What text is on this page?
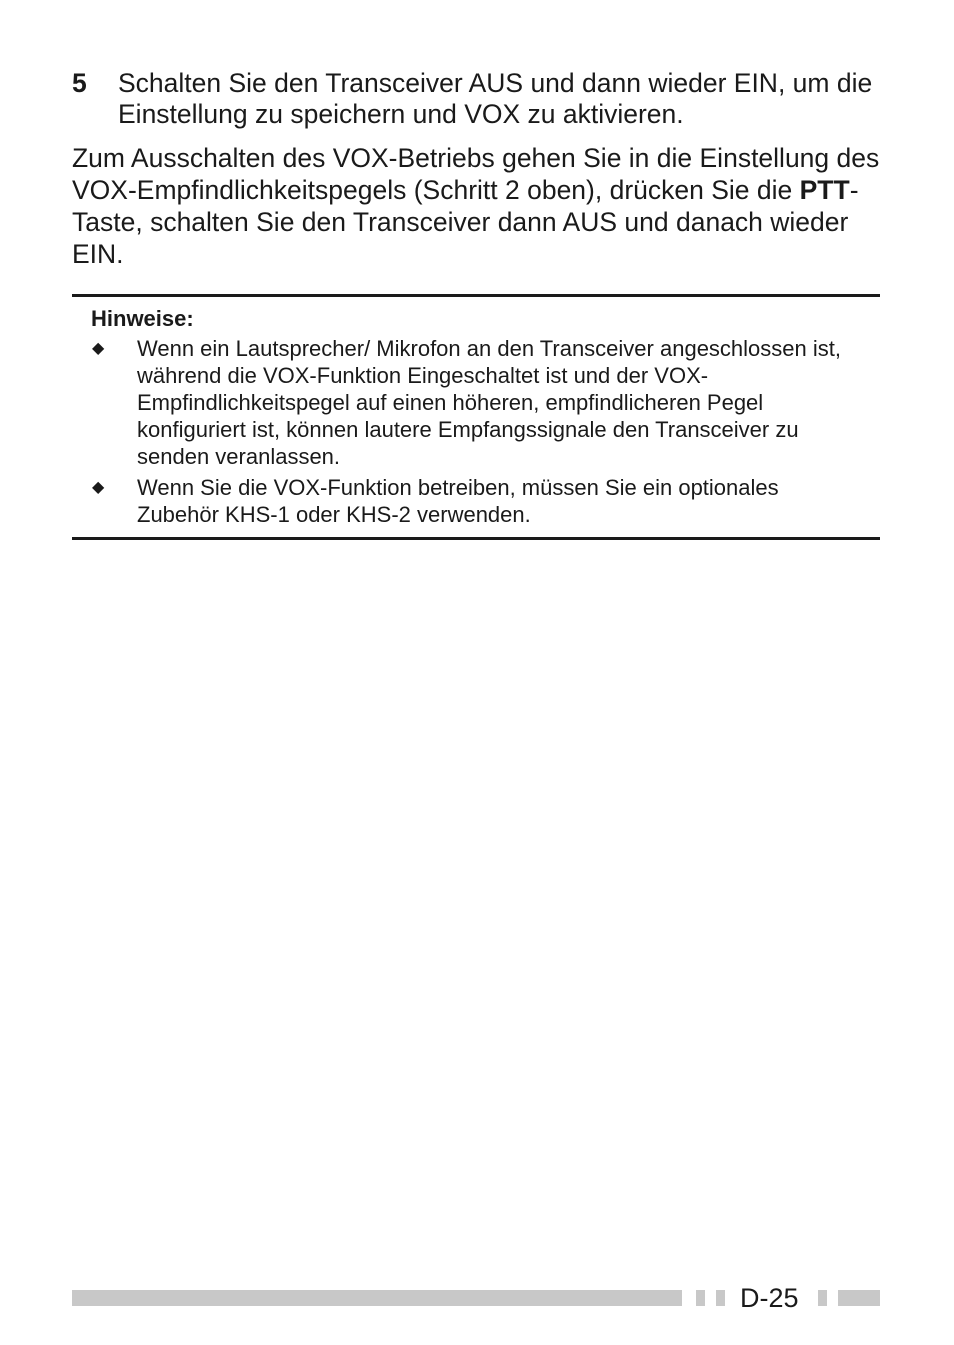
5	Schalten Sie den Transceiver AUS und dann wieder EIN, um die Einstellung zu speichern und VOX zu aktivieren.

Zum Ausschalten des VOX-Betriebs gehen Sie in die Einstellung des VOX-Empfindlichkeitspegels (Schritt 2 oben), drücken Sie die PTT-Taste, schalten Sie den Transceiver dann AUS und danach wieder EIN.

Hinweise:
◆	Wenn ein Lautsprecher/ Mikrofon an den Transceiver angeschlossen ist, während die VOX-Funktion Eingeschaltet ist und der VOX-Empfindlichkeitspegel auf einen höheren, empfindlicheren Pegel konfiguriert ist, können lautere Empfangssignale den Transceiver zu senden veranlassen.
◆	Wenn Sie die VOX-Funktion betreiben, müssen Sie ein optionales Zubehör KHS-1 oder KHS-2 verwenden.
D-25
